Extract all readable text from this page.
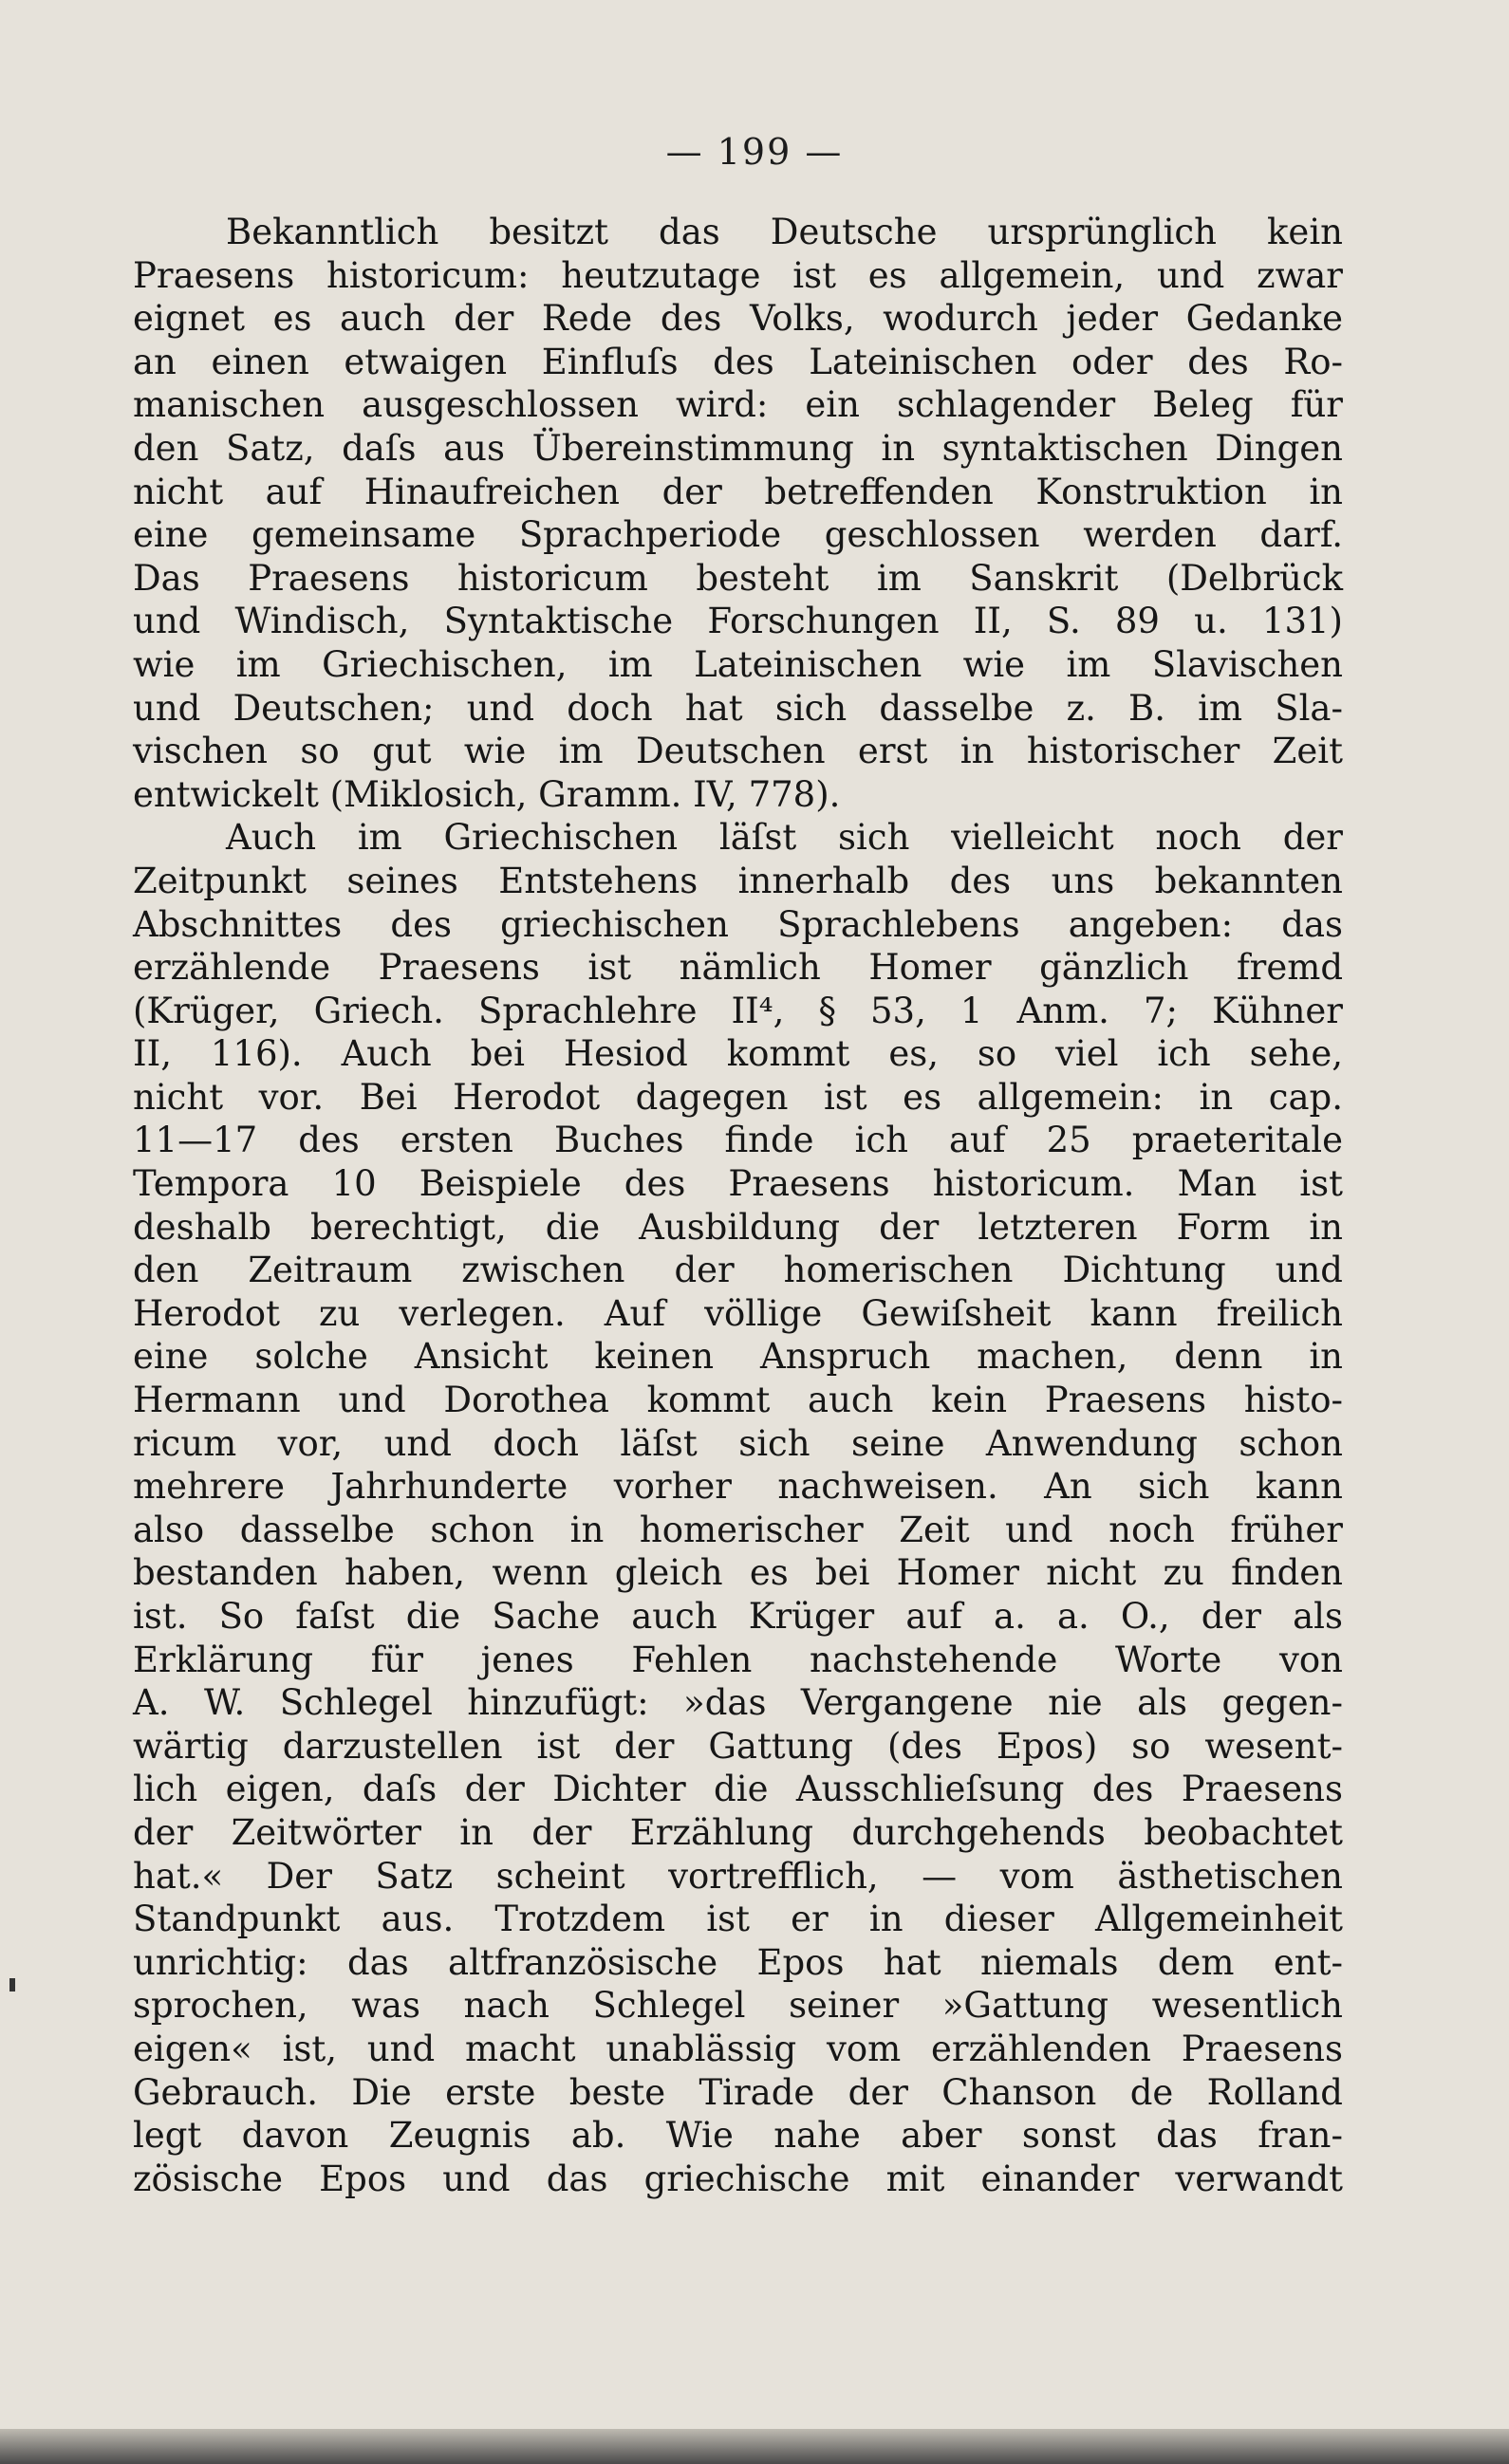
— 199 —
Bekanntlich besitzt das Deutsche ursprünglich kein
Praesens historicum: heutzutage ist es allgemein, und zwar
eignet es auch der Rede des Volks, wodurch jeder Gedanke
an einen etwaigen Einfluſs des Lateinischen oder des Ro-
manischen ausgeschlossen wird: ein schlagender Beleg für
den Satz, daſs aus Übereinstimmung in syntaktischen Dingen
nicht auf Hinaufreichen der betreffenden Konstruktion in
eine gemeinsame Sprachperiode geschlossen werden darf.
Das Praesens historicum besteht im Sanskrit (Delbrück
und Windisch, Syntaktische Forschungen II, S. 89 u. 131)
wie im Griechischen, im Lateinischen wie im Slavischen
und Deutschen; und doch hat sich dasselbe z. B. im Sla-
vischen so gut wie im Deutschen erst in historischer Zeit
entwickelt (Miklosich, Gramm. IV, 778).
Auch im Griechischen läſst sich vielleicht noch der
Zeitpunkt seines Entstehens innerhalb des uns bekannten
Abschnittes des griechischen Sprachlebens angeben: das
erzählende Praesens ist nämlich Homer gänzlich fremd
(Krüger, Griech. Sprachlehre II⁴, § 53, 1 Anm. 7; Kühner
II, 116). Auch bei Hesiod kommt es, so viel ich sehe,
nicht vor. Bei Herodot dagegen ist es allgemein: in cap.
11—17 des ersten Buches finde ich auf 25 praeteritale
Tempora 10 Beispiele des Praesens historicum. Man ist
deshalb berechtigt, die Ausbildung der letzteren Form in
den Zeitraum zwischen der homerischen Dichtung und
Herodot zu verlegen. Auf völlige Gewiſsheit kann freilich
eine solche Ansicht keinen Anspruch machen, denn in
Hermann und Dorothea kommt auch kein Praesens histo-
ricum vor, und doch läſst sich seine Anwendung schon
mehrere Jahrhunderte vorher nachweisen. An sich kann
also dasselbe schon in homerischer Zeit und noch früher
bestanden haben, wenn gleich es bei Homer nicht zu finden
ist. So faſst die Sache auch Krüger auf a. a. O., der als
Erklärung für jenes Fehlen nachstehende Worte von
A. W. Schlegel hinzufügt: »das Vergangene nie als gegen-
wärtig darzustellen ist der Gattung (des Epos) so wesent-
lich eigen, daſs der Dichter die Ausschlieſsung des Praesens
der Zeitwörter in der Erzählung durchgehends beobachtet
hat.« Der Satz scheint vortrefflich, — vom ästhetischen
Standpunkt aus. Trotzdem ist er in dieser Allgemeinheit
unrichtig: das altfranzösische Epos hat niemals dem ent-
sprochen, was nach Schlegel seiner »Gattung wesentlich
eigen« ist, und macht unablässig vom erzählenden Praesens
Gebrauch. Die erste beste Tirade der Chanson de Rolland
legt davon Zeugnis ab. Wie nahe aber sonst das fran-
zösische Epos und das griechische mit einander verwandt
